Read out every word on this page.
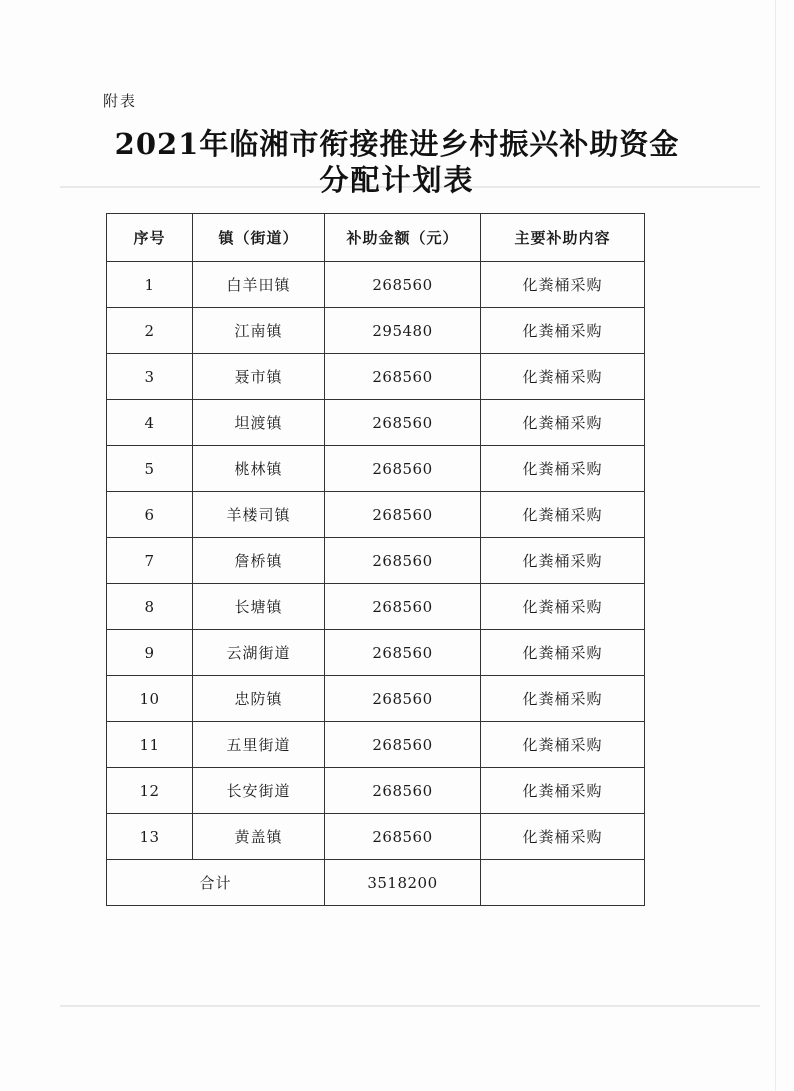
附表
2021年临湘市衔接推进乡村振兴补助资金
分配计划表
序号	镇（街道）	补助金额（元）	主要补助内容
1	白羊田镇	268560	化粪桶采购
2	江南镇	295480	化粪桶采购
3	聂市镇	268560	化粪桶采购
4	坦渡镇	268560	化粪桶采购
5	桃林镇	268560	化粪桶采购
6	羊楼司镇	268560	化粪桶采购
7	詹桥镇	268560	化粪桶采购
8	长塘镇	268560	化粪桶采购
9	云湖街道	268560	化粪桶采购
10	忠防镇	268560	化粪桶采购
11	五里街道	268560	化粪桶采购
12	长安街道	268560	化粪桶采购
13	黄盖镇	268560	化粪桶采购
合计		3518200	
